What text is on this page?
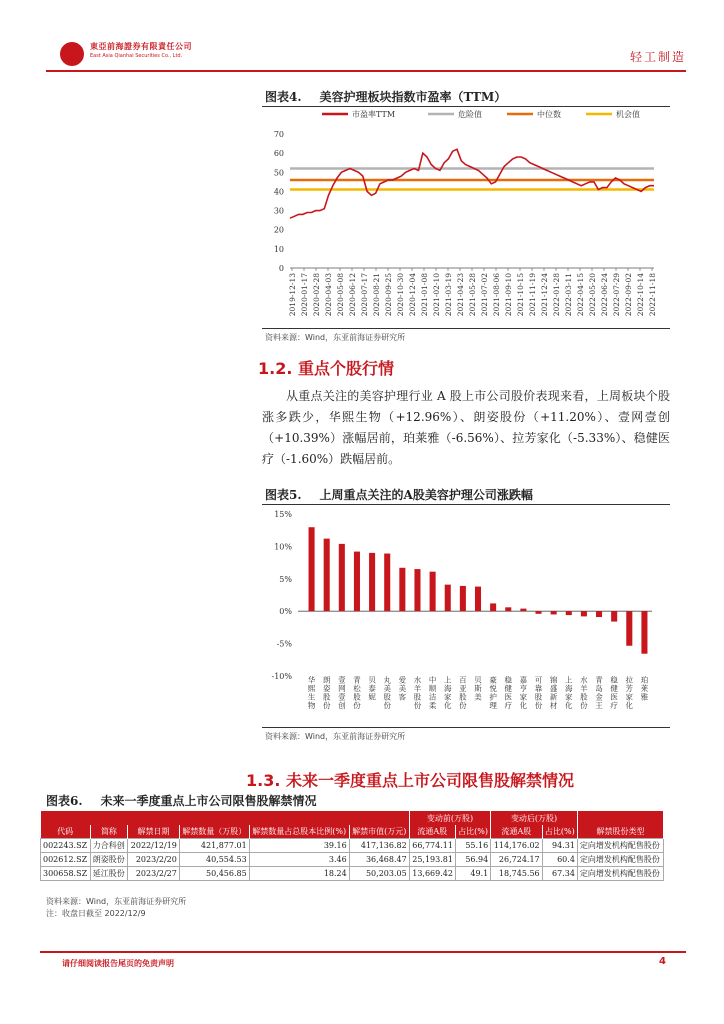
東亞前海證券有限責任公司
East Asia Qianhai Securities Co., Ltd.	轻工制造
图表4. 美容护理板块指数市盈率（TTM）
市盈率TTM	危险值	中位数	机会值
0
10
20
30
40
50
60
70
2019-12-13 2020-01-17 2020-02-28 2020-04-03 2020-05-08 2020-06-12 2020-07-17 2020-08-21 2020-09-25 2020-10-30 2020-12-04 2021-01-08 2021-02-10 2021-03-19 2021-04-23 2021-05-28 2021-07-02 2021-08-06 2021-09-10 2021-10-15 2021-11-19 2021-12-24 2022-01-28 2022-03-11 2022-04-15 2022-05-20 2022-06-24 2022-07-29 2022-09-02 2022-10-14 2022-11-18
资料来源：Wind，东亚前海证券研究所
1.2. 重点个股行情
从重点关注的美容护理行业 A 股上市公司股价表现来看，上周板块个股涨多跌少，华熙生物（+12.96%）、朗姿股份（+11.20%）、壹网壹创（+10.39%）涨幅居前，珀莱雅（-6.56%）、拉芳家化（-5.33%）、稳健医疗（-1.60%）跌幅居前。
图表5. 上周重点关注的A股美容护理公司涨跌幅
15%
10%
5%
0%
-5%
-10% 华熙生物 朗姿股份 壹网壹创 青松股份 贝泰妮 丸美股份 爱美客 水羊股份 中顺洁柔 上海家化 百亚股份 贝斯美 豪悦护理 稳健医疗 嘉亨家化 可靠股份 锦盛新材 上海家化 水羊股份 青岛金王 稳健医疗 拉芳家化 珀莱雅
资料来源：Wind，东亚前海证券研究所
1.3. 未来一季度重点上市公司限售股解禁情况
图表6. 未来一季度重点上市公司限售股解禁情况
						变动前(万股)		变动后(万股)		
代码	简称	解禁日期	解禁数量（万股）	解禁数量占总股本比例(%)	解禁市值(万元)	流通A股	占比(%)	流通A股	占比(%)	解禁股份类型
002243.SZ	力合科创	2022/12/19	421,877.01	39.16	417,136.82	66,774.11	55.16	114,176.02	94.31	定向增发机构配售股份
002612.SZ	朗姿股份	2023/2/20	40,554.53	3.46	36,468.47	25,193.81	56.94	26,724.17	60.4	定向增发机构配售股份
300658.SZ	延江股份	2023/2/27	50,456.85	18.24	50,203.05	13,669.42	49.1	18,745.56	67.34	定向增发机构配售股份
资料来源：Wind，东亚前海证券研究所
注：收盘日截至 2022/12/9
请仔细阅读报告尾页的免责声明	4
